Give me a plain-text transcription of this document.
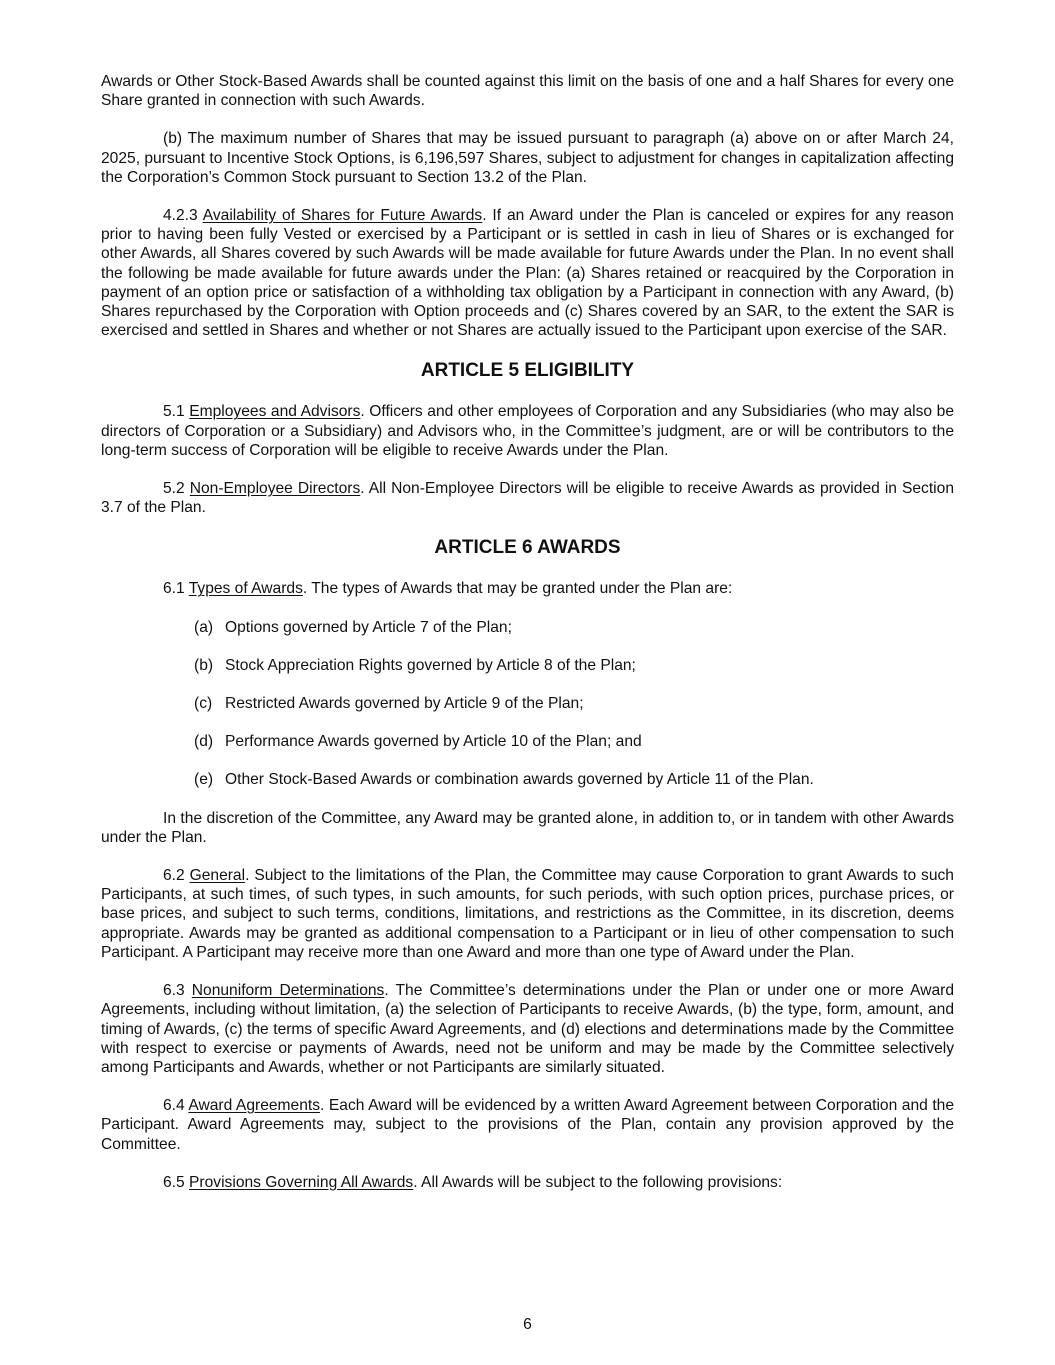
Awards or Other Stock-Based Awards shall be counted against this limit on the basis of one and a half Shares for every one Share granted in connection with such Awards.

(b) The maximum number of Shares that may be issued pursuant to paragraph (a) above on or after March 24, 2025, pursuant to Incentive Stock Options, is 6,196,597 Shares, subject to adjustment for changes in capitalization affecting the Corporation’s Common Stock pursuant to Section 13.2 of the Plan.

4.2.3 Availability of Shares for Future Awards. If an Award under the Plan is canceled or expires for any reason prior to having been fully Vested or exercised by a Participant or is settled in cash in lieu of Shares or is exchanged for other Awards, all Shares covered by such Awards will be made available for future Awards under the Plan. In no event shall the following be made available for future awards under the Plan: (a) Shares retained or reacquired by the Corporation in payment of an option price or satisfaction of a withholding tax obligation by a Participant in connection with any Award, (b) Shares repurchased by the Corporation with Option proceeds and (c) Shares covered by an SAR, to the extent the SAR is exercised and settled in Shares and whether or not Shares are actually issued to the Participant upon exercise of the SAR.

ARTICLE 5 ELIGIBILITY

5.1 Employees and Advisors. Officers and other employees of Corporation and any Subsidiaries (who may also be directors of Corporation or a Subsidiary) and Advisors who, in the Committee’s judgment, are or will be contributors to the long-term success of Corporation will be eligible to receive Awards under the Plan.

5.2 Non-Employee Directors. All Non-Employee Directors will be eligible to receive Awards as provided in Section 3.7 of the Plan.

ARTICLE 6 AWARDS

6.1 Types of Awards. The types of Awards that may be granted under the Plan are:

(a) Options governed by Article 7 of the Plan;

(b) Stock Appreciation Rights governed by Article 8 of the Plan;

(c) Restricted Awards governed by Article 9 of the Plan;

(d) Performance Awards governed by Article 10 of the Plan; and

(e) Other Stock-Based Awards or combination awards governed by Article 11 of the Plan.

In the discretion of the Committee, any Award may be granted alone, in addition to, or in tandem with other Awards under the Plan.

6.2 General. Subject to the limitations of the Plan, the Committee may cause Corporation to grant Awards to such Participants, at such times, of such types, in such amounts, for such periods, with such option prices, purchase prices, or base prices, and subject to such terms, conditions, limitations, and restrictions as the Committee, in its discretion, deems appropriate. Awards may be granted as additional compensation to a Participant or in lieu of other compensation to such Participant. A Participant may receive more than one Award and more than one type of Award under the Plan.

6.3 Nonuniform Determinations. The Committee’s determinations under the Plan or under one or more Award Agreements, including without limitation, (a) the selection of Participants to receive Awards, (b) the type, form, amount, and timing of Awards, (c) the terms of specific Award Agreements, and (d) elections and determinations made by the Committee with respect to exercise or payments of Awards, need not be uniform and may be made by the Committee selectively among Participants and Awards, whether or not Participants are similarly situated.

6.4 Award Agreements. Each Award will be evidenced by a written Award Agreement between Corporation and the Participant. Award Agreements may, subject to the provisions of the Plan, contain any provision approved by the Committee.

6.5 Provisions Governing All Awards. All Awards will be subject to the following provisions:

6
